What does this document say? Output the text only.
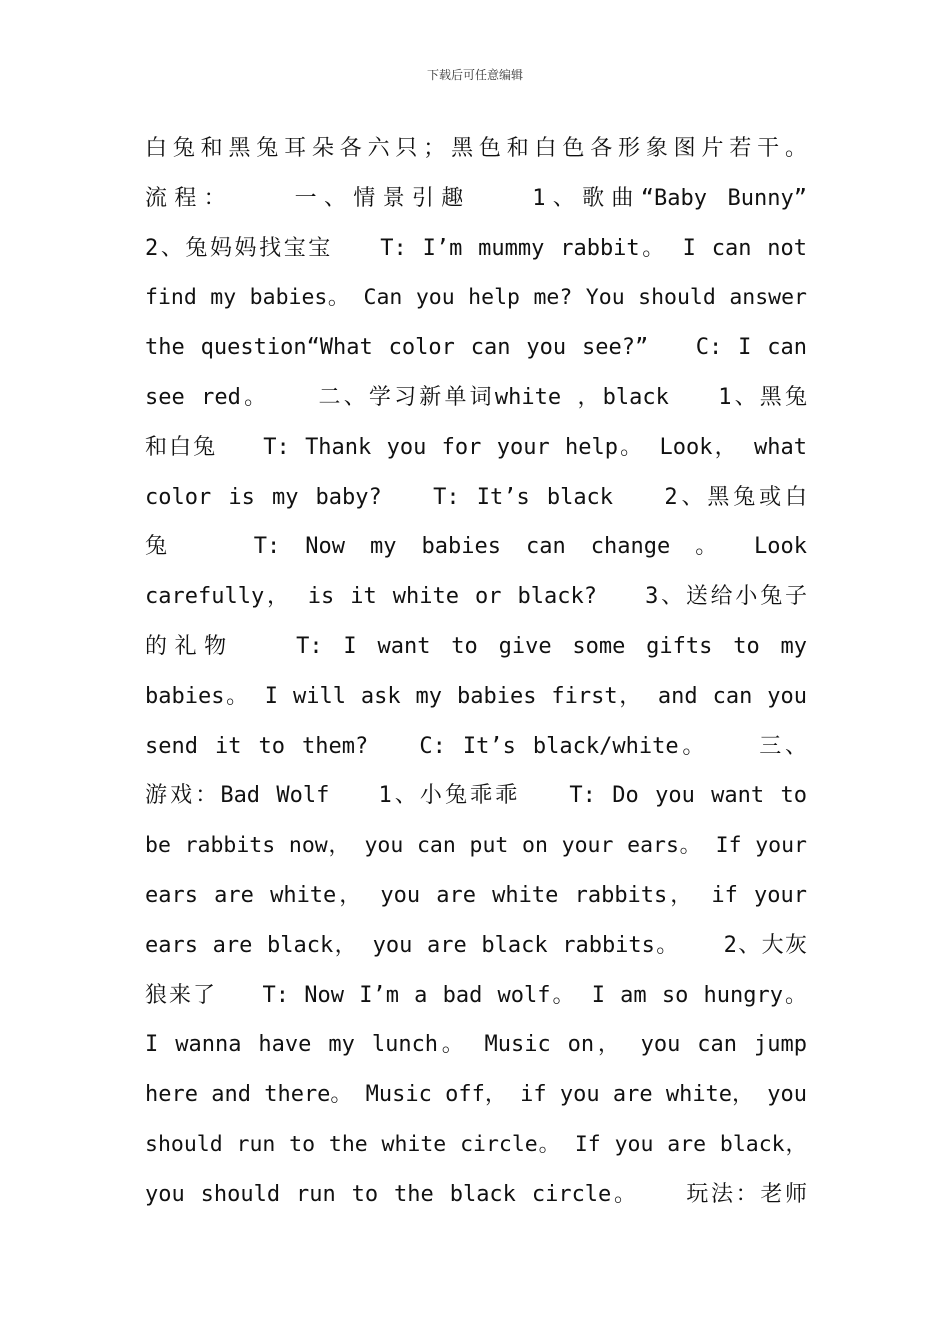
下载后可任意编辑
白兔和黑兔耳朵各六只；黑色和白色各形象图片若干。
流程：   一、情景引趣   1、歌曲“Baby Bunny”
2、兔妈妈找宝宝   T: I’m mummy rabbit。 I can not
find my babies。 Can you help me? You should answer
the question“What color can you see?”   C: I can
see red。   二、学习新单词white ，black   1、黑兔
和白兔   T: Thank you for your help。 Look， what
color is my baby?   T: It’s black   2、黑兔或白
兔   T: Now my babies can change 。 Look
carefully， is it white or black?   3、送给小兔子
的礼物   T: I want to give some gifts to my
babies。 I will ask my babies first， and can you
send it to them?   C: It’s black/white。   三、
游戏：Bad Wolf   1、小兔乖乖   T: Do you want to
be rabbits now， you can put on your ears。 If your
ears are white， you are white rabbits， if your
ears are black， you are black rabbits。   2、大灰
狼来了   T: Now I’m a bad wolf。 I am so hungry。
I wanna have my lunch。 Music on， you can jump
here and there。 Music off， if you are white， you
should run to the white circle。 If you are black，
you should run to the black circle。   玩法：老师
